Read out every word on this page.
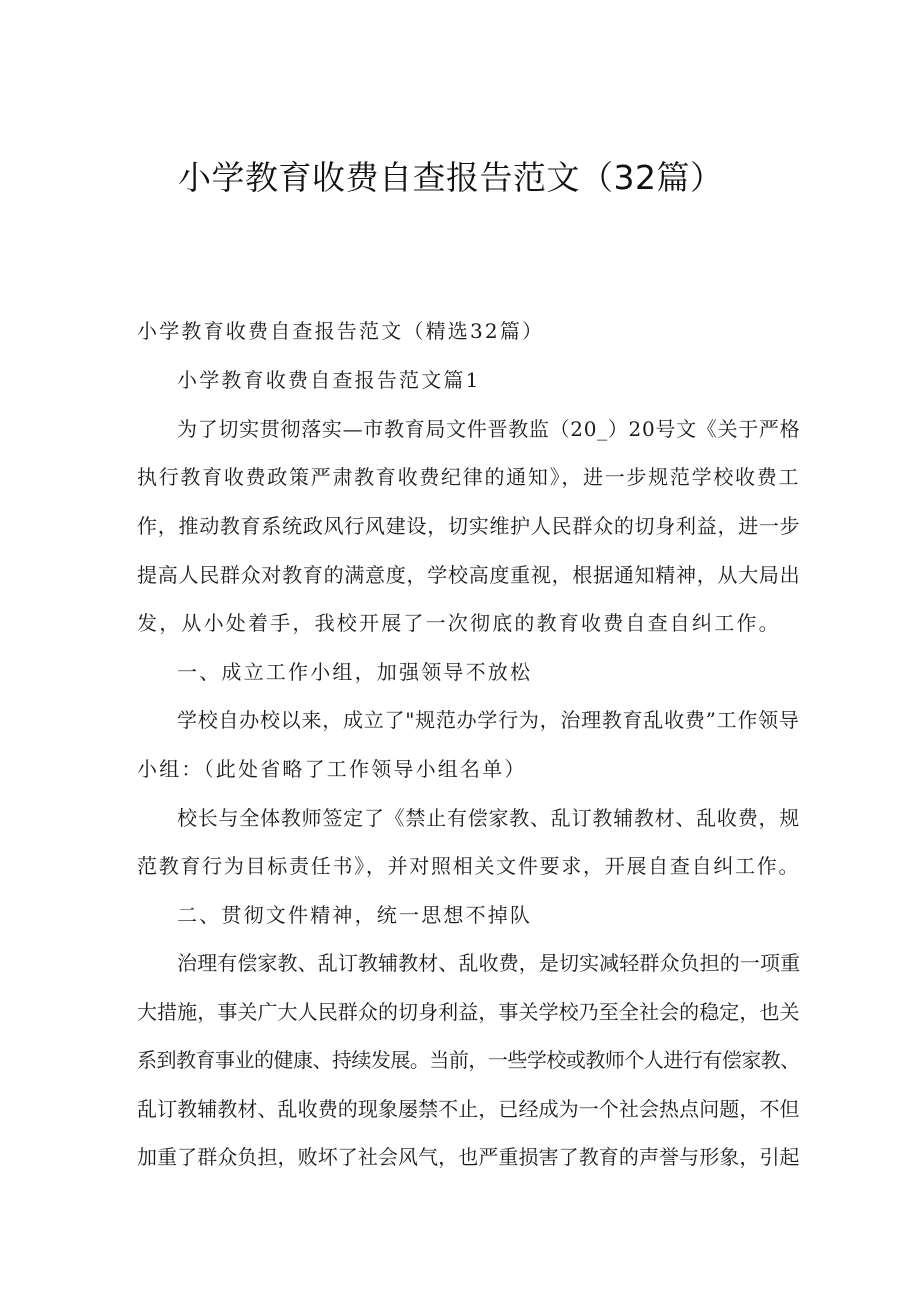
小学教育收费自查报告范文（32篇）
小学教育收费自查报告范文（精选32篇）
小学教育收费自查报告范文篇1
为了切实贯彻落实—市教育局文件晋教监（20_）20号文《关于严格
执行教育收费政策严肃教育收费纪律的通知》，进一步规范学校收费工
作，推动教育系统政风行风建设，切实维护人民群众的切身利益，进一步
提高人民群众对教育的满意度，学校高度重视，根据通知精神，从大局出
发，从小处着手，我校开展了一次彻底的教育收费自查自纠工作。
一、成立工作小组，加强领导不放松
学校自办校以来，成立了"规范办学行为，治理教育乱收费”工作领导
小组：（此处省略了工作领导小组名单）
校长与全体教师签定了《禁止有偿家教、乱订教辅教材、乱收费，规
范教育行为目标责任书》，并对照相关文件要求，开展自查自纠工作。
二、贯彻文件精神，统一思想不掉队
治理有偿家教、乱订教辅教材、乱收费，是切实减轻群众负担的一项重
大措施，事关广大人民群众的切身利益，事关学校乃至全社会的稳定，也关
系到教育事业的健康、持续发展。当前，一些学校或教师个人进行有偿家教、
乱订教辅教材、乱收费的现象屡禁不止，已经成为一个社会热点问题，不但
加重了群众负担，败坏了社会风气，也严重损害了教育的声誉与形象，引起
